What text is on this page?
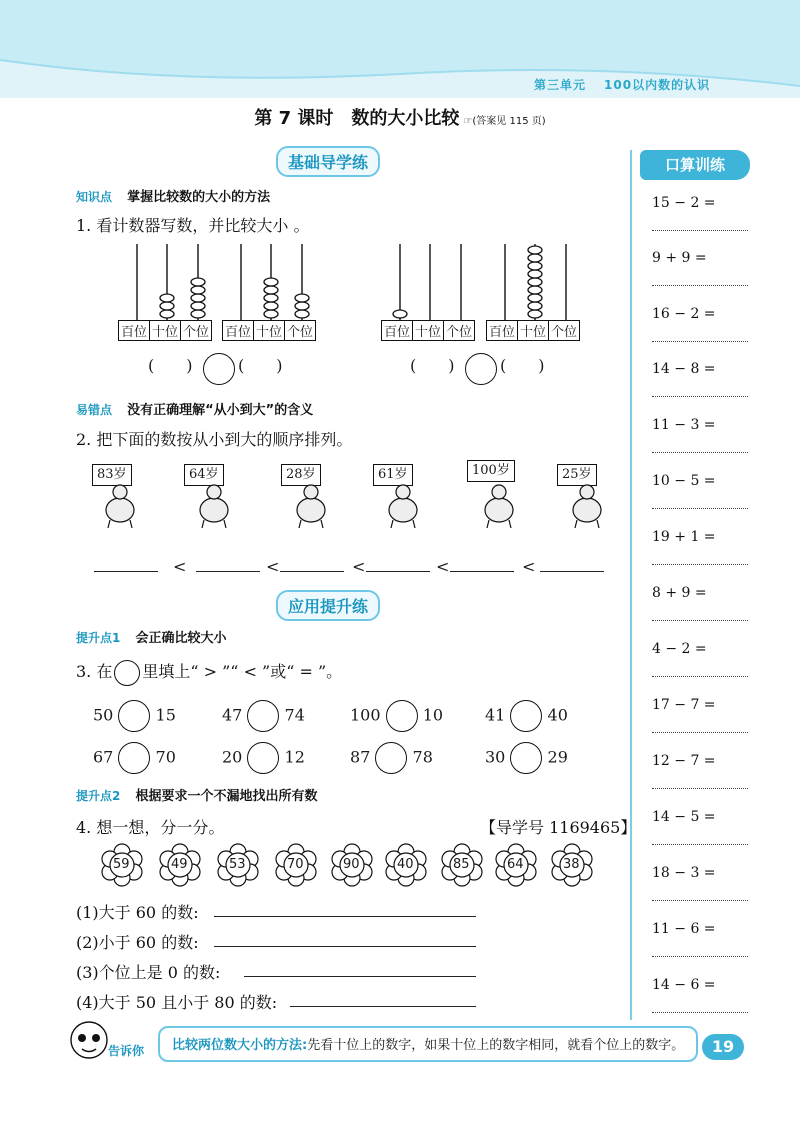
第三单元 100以内数的认识
第 7 课时　数的大小比较 ☞(答案见 115 页)
基础导学练
知识点 掌握比较数的大小的方法
1. 看计数器写数，并比较大小 。
百位 十位 个位 百位 十位 个位	百位 十位 个位 百位 十位 个位
(　　)	(　　)	(　　)	(　　)
易错点 没有正确理解“从小到大”的含义
2. 把下面的数按从小到大的顺序排列。
83岁	64岁	28岁	61岁	100岁	25岁
<	<	<	<	<
应用提升练
提升点1 会正确比较大小
3. 在 里填上“ > ”“ < ”或“ = ”。
50	15	47	74	100	10	41	40
67	70	20	12	87	78	30	29
提升点2 根据要求一个不漏地找出所有数
4. 想一想，分一分。	【导学号 1169465】
59	49	53	70	90	40	85	64	38
(1)大于 60 的数:
(2)小于 60 的数:
(3)个位上是 0 的数:
(4)大于 50 且小于 80 的数:
口算训练
15 − 2 =
9 + 9 =
16 − 2 =
14 − 8 =
11 − 3 =
10 − 5 =
19 + 1 =
8 + 9 =
4 − 2 =
17 − 7 =
12 − 7 =
14 − 5 =
18 − 3 =
11 − 6 =
14 − 6 =
告诉你	比较两位数大小的方法:先看十位上的数字，如果十位上的数字相同，就看个位上的数字。	19
